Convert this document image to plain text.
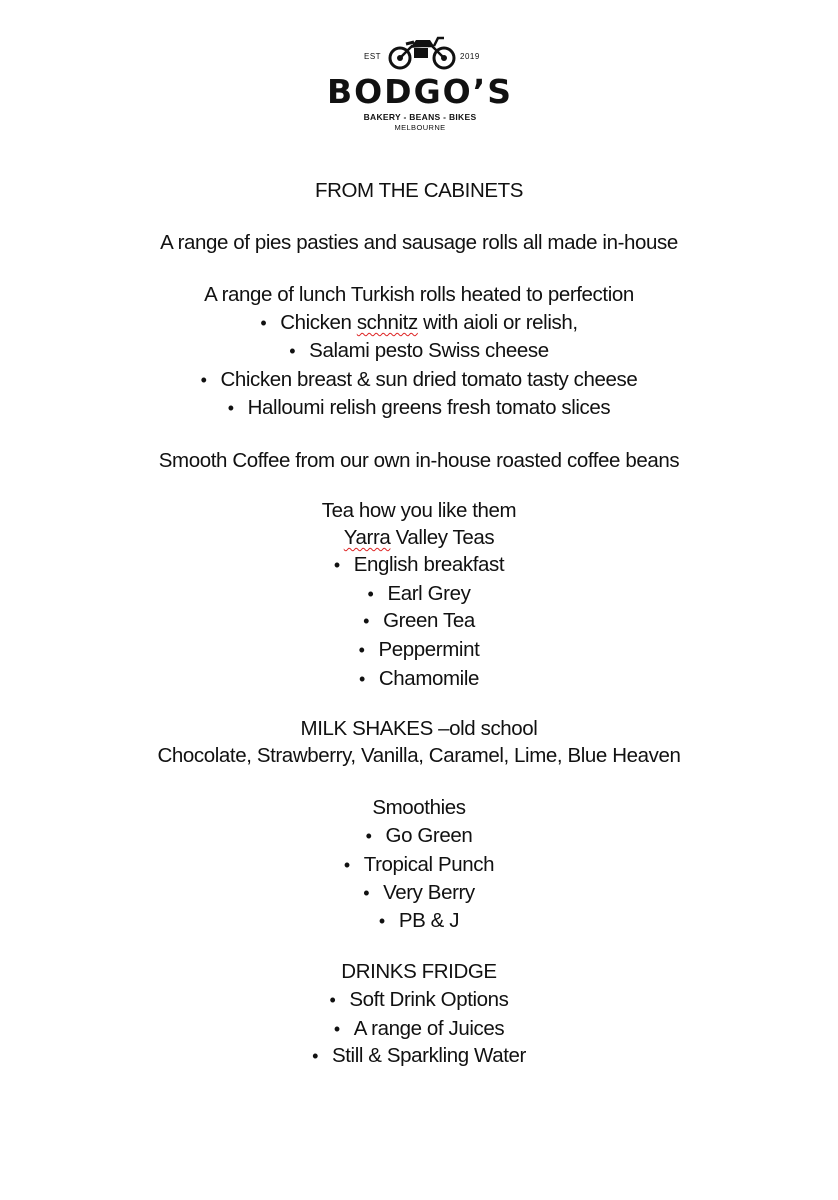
EST	2019
BODGO’S
BAKERY - BEANS - BIKES
MELBOURNE
FROM THE CABINETS
A range of pies pasties and sausage rolls all made in-house
A range of lunch Turkish rolls heated to perfection
• Chicken schnitz with aioli or relish,
• Salami pesto Swiss cheese
• Chicken breast & sun dried tomato tasty cheese
• Halloumi relish greens fresh tomato slices
Smooth Coffee from our own in-house roasted coffee beans
Tea how you like them
Yarra Valley Teas
• English breakfast
• Earl Grey
• Green Tea
• Peppermint
• Chamomile
MILK SHAKES –old school
Chocolate, Strawberry, Vanilla, Caramel, Lime, Blue Heaven
Smoothies
• Go Green
• Tropical Punch
• Very Berry
• PB & J
DRINKS FRIDGE
• Soft Drink Options
• A range of Juices
• Still & Sparkling Water
